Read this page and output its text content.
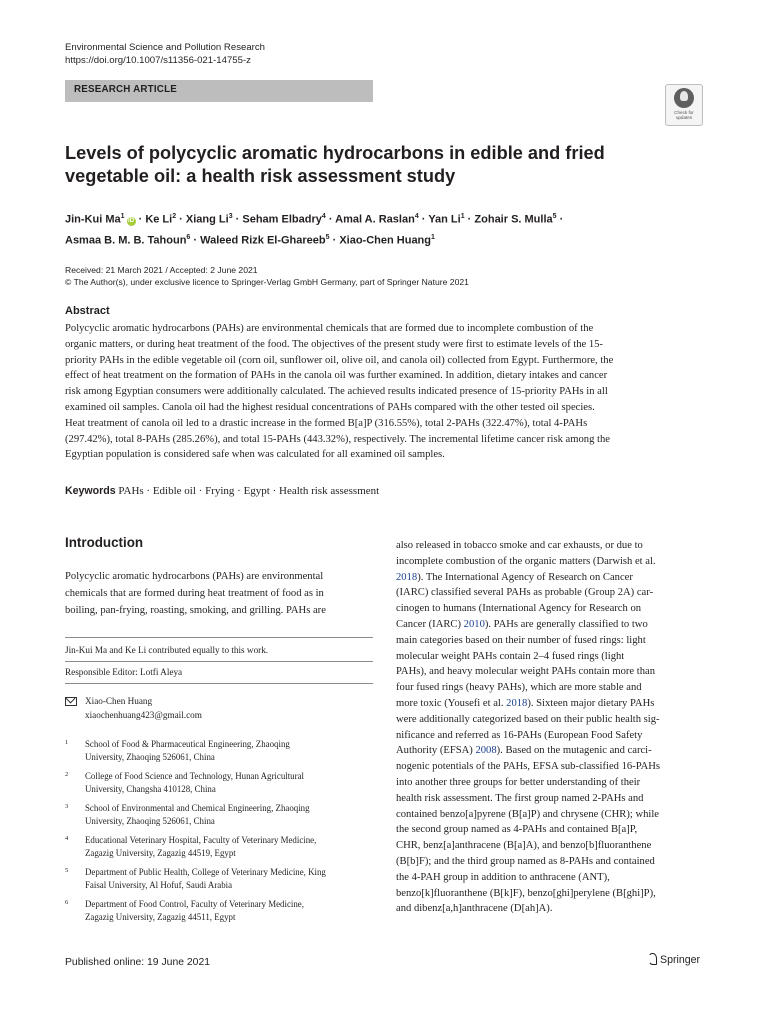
Environmental Science and Pollution Research
https://doi.org/10.1007/s11356-021-14755-z
RESEARCH ARTICLE
Check for
updates
Levels of polycyclic aromatic hydrocarbons in edible and fried
vegetable oil: a health risk assessment study
Jin-Kui $Ma^1iD \cdot Ke$ $Li^2$ · Xiang $Li^3$ · Seham Elbadry$^4$ · Amal A. Raslan$^4$ · Yan $Li^1$ · Zohair S. Mulla$^5$ ·
Asmaa B. M. B. Tahoun$^6$ · Waleed Rizk El-Ghareeb$^5$ · Xiao-Chen Huang$^1$
Received: 21 March 2021 / Accepted: 2 June 2021
© The Author(s), under exclusive licence to Springer-Verlag GmbH Germany, part of Springer Nature 2021
Abstract
Polycyclic aromatic hydrocarbons (PAHs) are environmental chemicals that are formed due to incomplete combustion of the
organic matters, or during heat treatment of the food. The objectives of the present study were first to estimate levels of the 15-
priority PAHs in the edible vegetable oil (corn oil, sunflower oil, olive oil, and canola oil) collected from Egypt. Furthermore, the
effect of heat treatment on the formation of PAHs in the canola oil was further examined. In addition, dietary intakes and cancer
risk among Egyptian consumers were additionally calculated. The achieved results indicated presence of 15-priority PAHs in all
examined oil samples. Canola oil had the highest residual concentrations of PAHs compared with the other tested oil species.
Heat treatment of canola oil led to a drastic increase in the formed B[a]P (316.55%), total 2-PAHs (322.47%), total 4-PAHs
(297.42%), total 8-PAHs (285.26%), and total 15-PAHs (443.32%), respectively. The incremental lifetime cancer risk among the
Egyptian population is considered safe when was calculated for all examined oil samples.
Keywords PAHs · Edible oil · Frying · Egypt · Health risk assessment
Introduction
Polycyclic aromatic hydrocarbons (PAHs) are environmental
chemicals that are formed during heat treatment of food as in
boiling, pan-frying, roasting, smoking, and grilling. PAHs are
Jin-Kui Ma and Ke Li contributed equally to this work.
Responsible Editor: Lotfi Aleya
Xiao-Chen Huang
xiaochenhuang423@gmail.com
1 School of Food & Pharmaceutical Engineering, Zhaoqing
University, Zhaoqing 526061, China
2 College of Food Science and Technology, Hunan Agricultural
University, Changsha 410128, China
3 School of Environmental and Chemical Engineering, Zhaoqing
University, Zhaoqing 526061, China
4 Educational Veterinary Hospital, Faculty of Veterinary Medicine,
Zagazig University, Zagazig 44519, Egypt
5 Department of Public Health, College of Veterinary Medicine, King
Faisal University, Al Hofuf, Saudi Arabia
6 Department of Food Control, Faculty of Veterinary Medicine,
Zagazig University, Zagazig 44511, Egypt
also released in tobacco smoke and car exhausts, or due to
incomplete combustion of the organic matters (Darwish et al.
2018). The International Agency of Research on Cancer
(IARC) classified several PAHs as probable (Group 2A) car-
cinogen to humans (International Agency for Research on
Cancer (IARC) 2010). PAHs are generally classified to two
main categories based on their number of fused rings: light
molecular weight PAHs contain 2–4 fused rings (light
PAHs), and heavy molecular weight PAHs contain more than
four fused rings (heavy PAHs), which are more stable and
more toxic (Yousefi et al. 2018). Sixteen major dietary PAHs
were additionally categorized based on their public health sig-
nificance and referred as 16-PAHs (European Food Safety
Authority (EFSA) 2008). Based on the mutagenic and carci-
nogenic potentials of the PAHs, EFSA sub-classified 16-PAHs
into another three groups for better understanding of their
health risk assessment. The first group named 2-PAHs and
contained benzo[a]pyrene (B[a]P) and chrysene (CHR); while
the second group named as 4-PAHs and contained B[a]P,
CHR, benz[a]anthracene (B[a]A), and benzo[b]fluoranthene
(B[b]F); and the third group named as 8-PAHs and contained
the 4-PAH group in addition to anthracene (ANT),
benzo[k]fluoranthene (B[k]F), benzo[ghi]perylene (B[ghi]P),
and dibenz[a,h]anthracene (D[ah]A).
Published online: 19 June 2021	Springer
